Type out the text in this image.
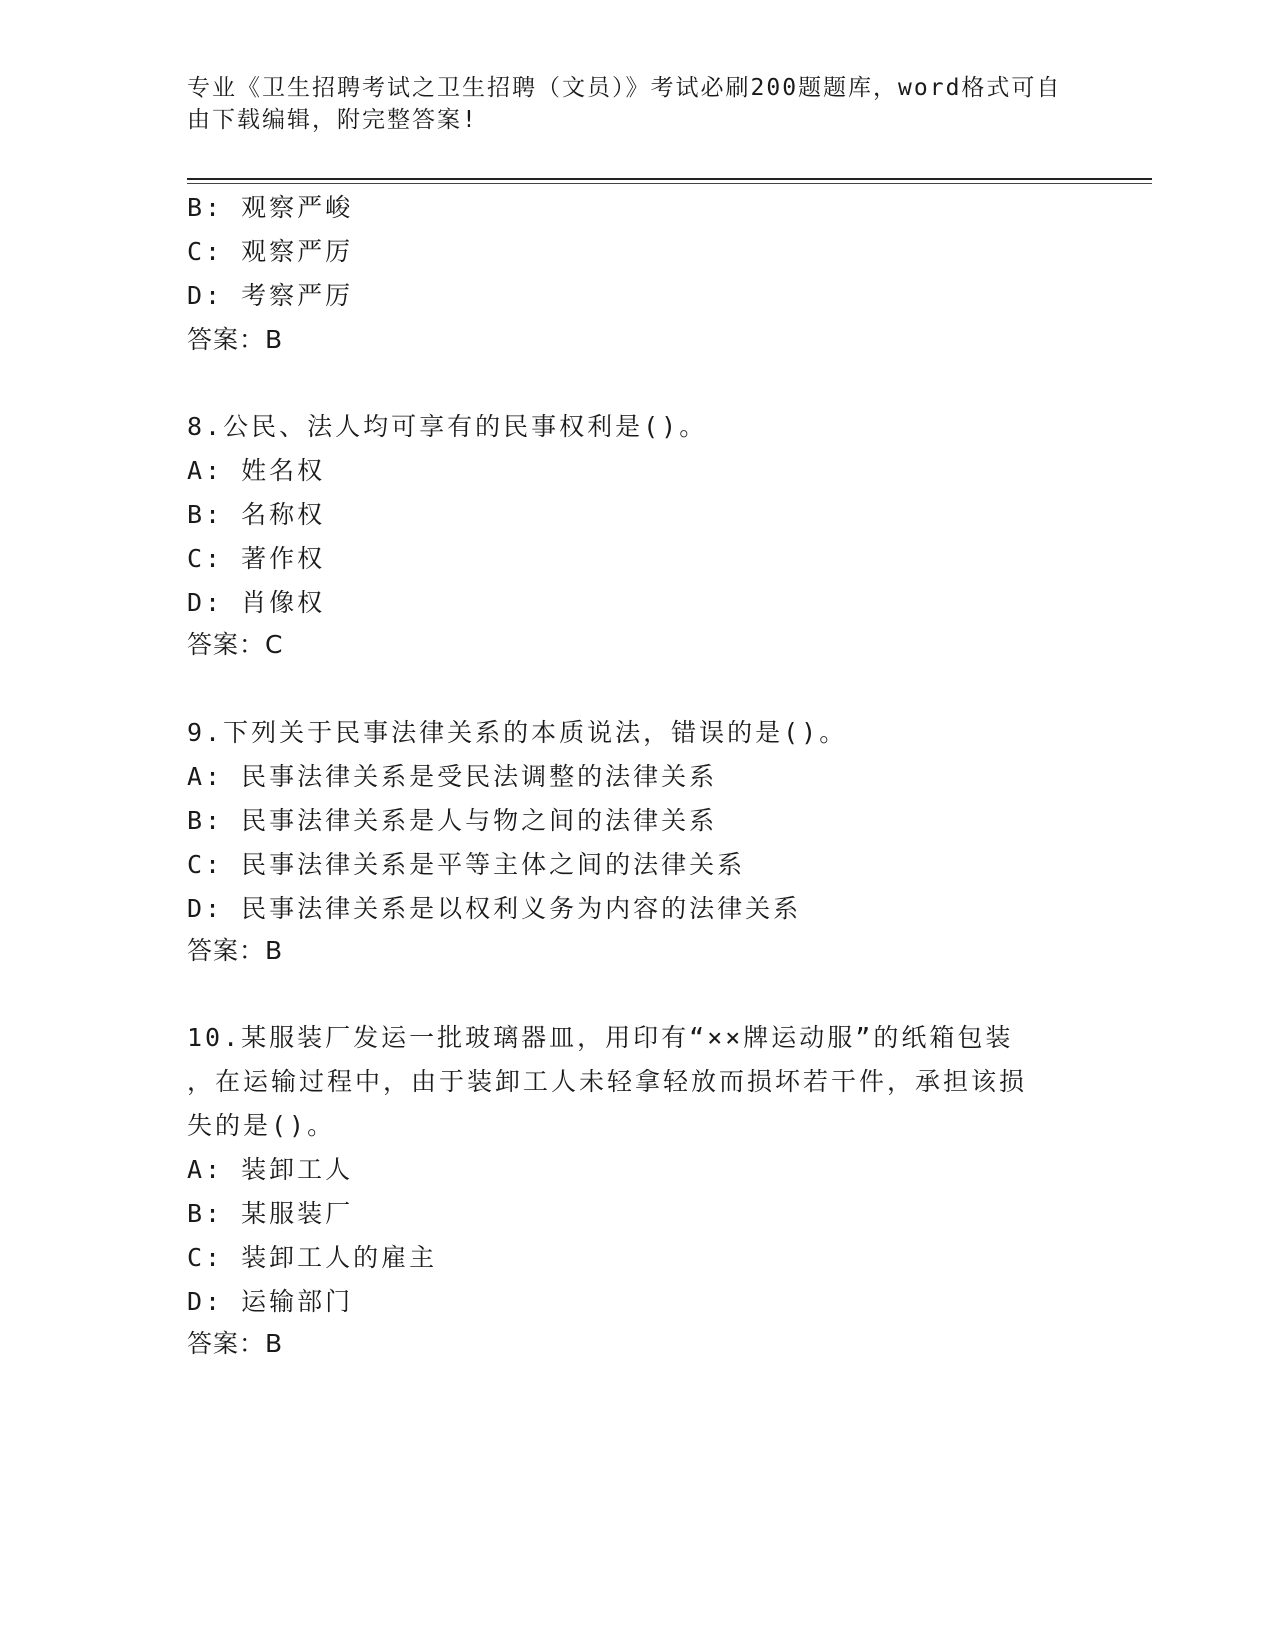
专业《卫生招聘考试之卫生招聘（文员）》考试必刷200题题库，word格式可自
由下载编辑，附完整答案!
B: 观察严峻
C: 观察严厉
D: 考察严厉
答案：B
8.公民、法人均可享有的民事权利是()。
A: 姓名权
B: 名称权
C: 著作权
D: 肖像权
答案：C
9.下列关于民事法律关系的本质说法，错误的是()。
A: 民事法律关系是受民法调整的法律关系
B: 民事法律关系是人与物之间的法律关系
C: 民事法律关系是平等主体之间的法律关系
D: 民事法律关系是以权利义务为内容的法律关系
答案：B
10.某服装厂发运一批玻璃器皿，用印有“××牌运动服”的纸箱包装
，在运输过程中，由于装卸工人未轻拿轻放而损坏若干件，承担该损
失的是()。
A: 装卸工人
B: 某服装厂
C: 装卸工人的雇主
D: 运输部门
答案：B
